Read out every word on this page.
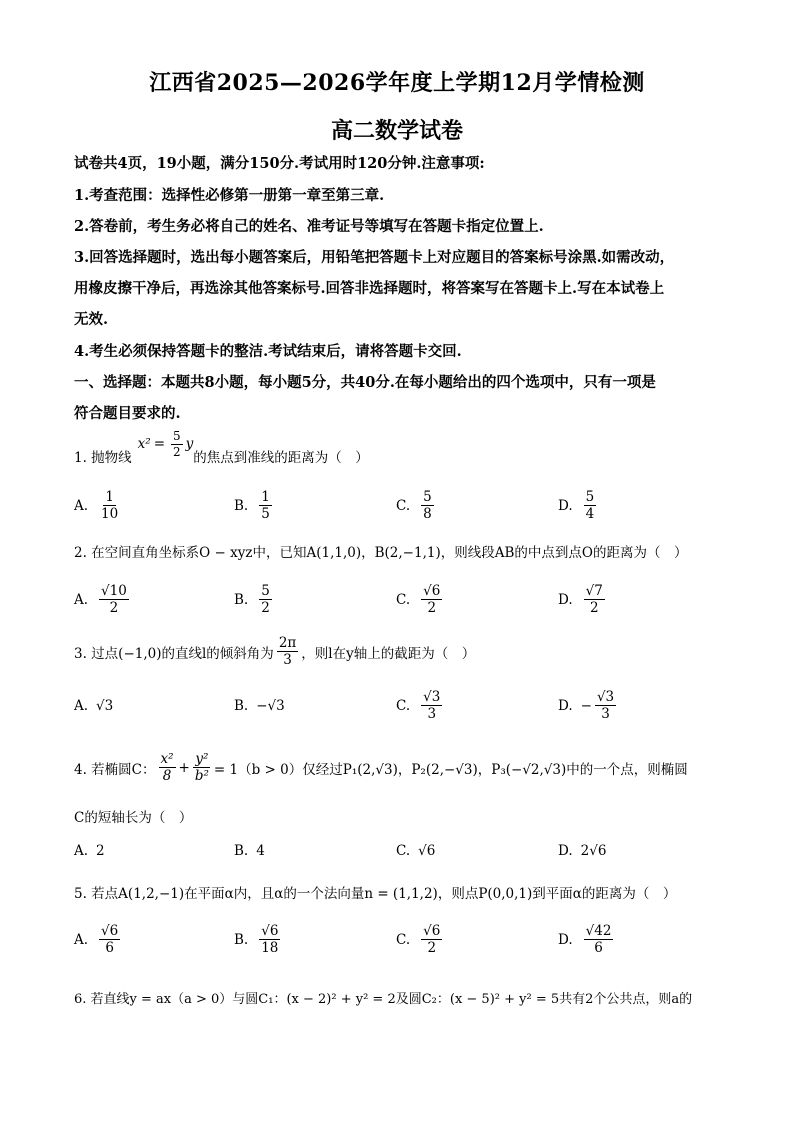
江西省2025—2026学年度上学期12月学情检测
高二数学试卷
试卷共4页，19小题，满分150分.考试用时120分钟.注意事项:
1.考查范围：选择性必修第一册第一章至第三章.
2.答卷前，考生务必将自己的姓名、准考证号等填写在答题卡指定位置上.
3.回答选择题时，选出每小题答案后，用铅笔把答题卡上对应题目的答案标号涂黑.如需改动，
用橡皮擦干净后，再选涂其他答案标号.回答非选择题时，将答案写在答题卡上.写在本试卷上
无效.
4.考生必须保持答题卡的整洁.考试结束后，请将答题卡交回.
一、选择题：本题共8小题，每小题5分，共40分.在每小题给出的四个选项中，只有一项是
符合题目要求的.
1. 抛物线
$x^2 = \frac{5}{2}$ y
的焦点到准线的距离为（　）
A. $\frac{1}{10}$	B. $\frac{1}{5}$	C. $\frac{5}{8}$	D. $\frac{5}{4}$
2. 在空间直角坐标系O − xyz中，已知A(1,1,0)，B(2,−1,1)，则线段AB的中点到点O的距离为（　）
A. $\frac{√10}{2}$	B. $\frac{5}{2}$	C. $\frac{√6}{2}$	D. $\frac{√7}{2}$
3. 过点(−1,0)的直线l的倾斜角为 $\frac{2\pi}{3}$ ，则l在y轴上的截距为（　）
A. √3	B. −√3	C. $\frac{√3}{3}$	D. − $\frac{√3}{3}$
4. 若椭圆C： $\frac{\text{x²}}{8} + \frac{\text{y²}}{\text{b²}} = 1(b > 0)$仅经过P₁(2,√3)，P₂(2,−√3)，P₃(−√2,√3)中的一个点，则椭圆
C的短轴长为（　）
A. 2	B. 4	C. √6	D. 2√6
5. 若点A(1,2,−1)在平面α内，且α的一个法向量n = (1,1,2)，则点P(0,0,1)到平面α的距离为（　）
A. $\frac{√6}{6}$	B. $\frac{√6}{18}$	C. $\frac{√6}{2}$	D. $\frac{√42}{6}$
6. 若直线y = ax（a > 0）与圆C₁：(x − 2)² + y² = 2及圆C₂：(x − 5)² + y² = 5共有2个公共点，则a的
